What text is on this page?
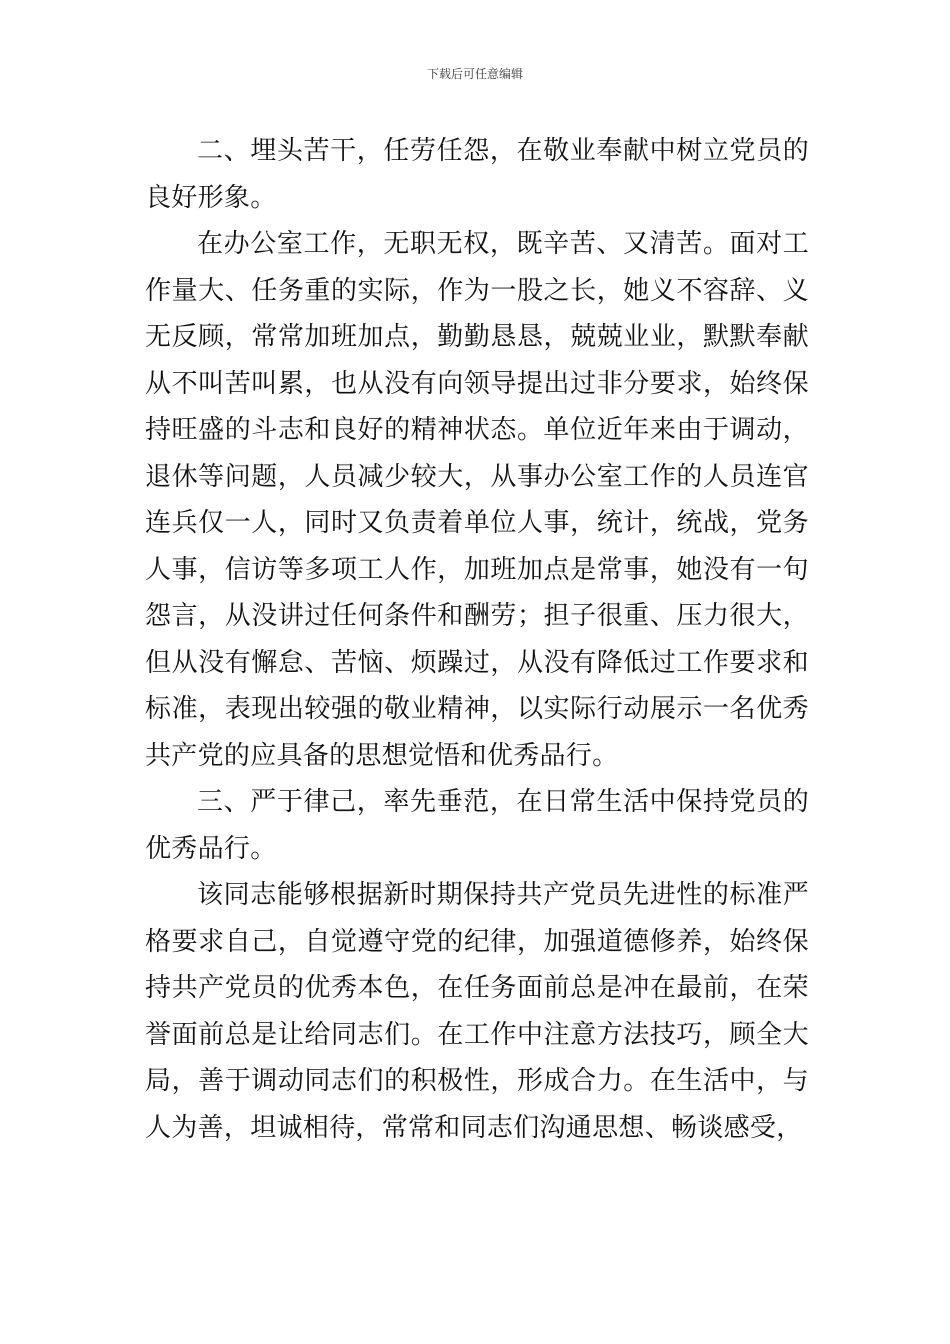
下载后可任意编辑

二、埋头苦干，任劳任怨，在敬业奉献中树立党员的良好形象。

在办公室工作，无职无权，既辛苦、又清苦。面对工作量大、任务重的实际，作为一股之长，她义不容辞、义无反顾，常常加班加点，勤勤恳恳，兢兢业业，默默奉献从不叫苦叫累，也从没有向领导提出过非分要求，始终保持旺盛的斗志和良好的精神状态。单位近年来由于调动，退休等问题，人员减少较大，从事办公室工作的人员连官连兵仅一人，同时又负责着单位人事，统计，统战，党务人事，信访等多项工人作，加班加点是常事，她没有一句怨言，从没讲过任何条件和酬劳；担子很重、压力很大，但从没有懈怠、苦恼、烦躁过，从没有降低过工作要求和标准，表现出较强的敬业精神，以实际行动展示一名优秀共产党的应具备的思想觉悟和优秀品行。

三、严于律己，率先垂范，在日常生活中保持党员的优秀品行。

该同志能够根据新时期保持共产党员先进性的标准严格要求自己，自觉遵守党的纪律，加强道德修养，始终保持共产党员的优秀本色，在任务面前总是冲在最前，在荣誉面前总是让给同志们。在工作中注意方法技巧，顾全大局，善于调动同志们的积极性，形成合力。在生活中，与人为善，坦诚相待，常常和同志们沟通思想、畅谈感受，
